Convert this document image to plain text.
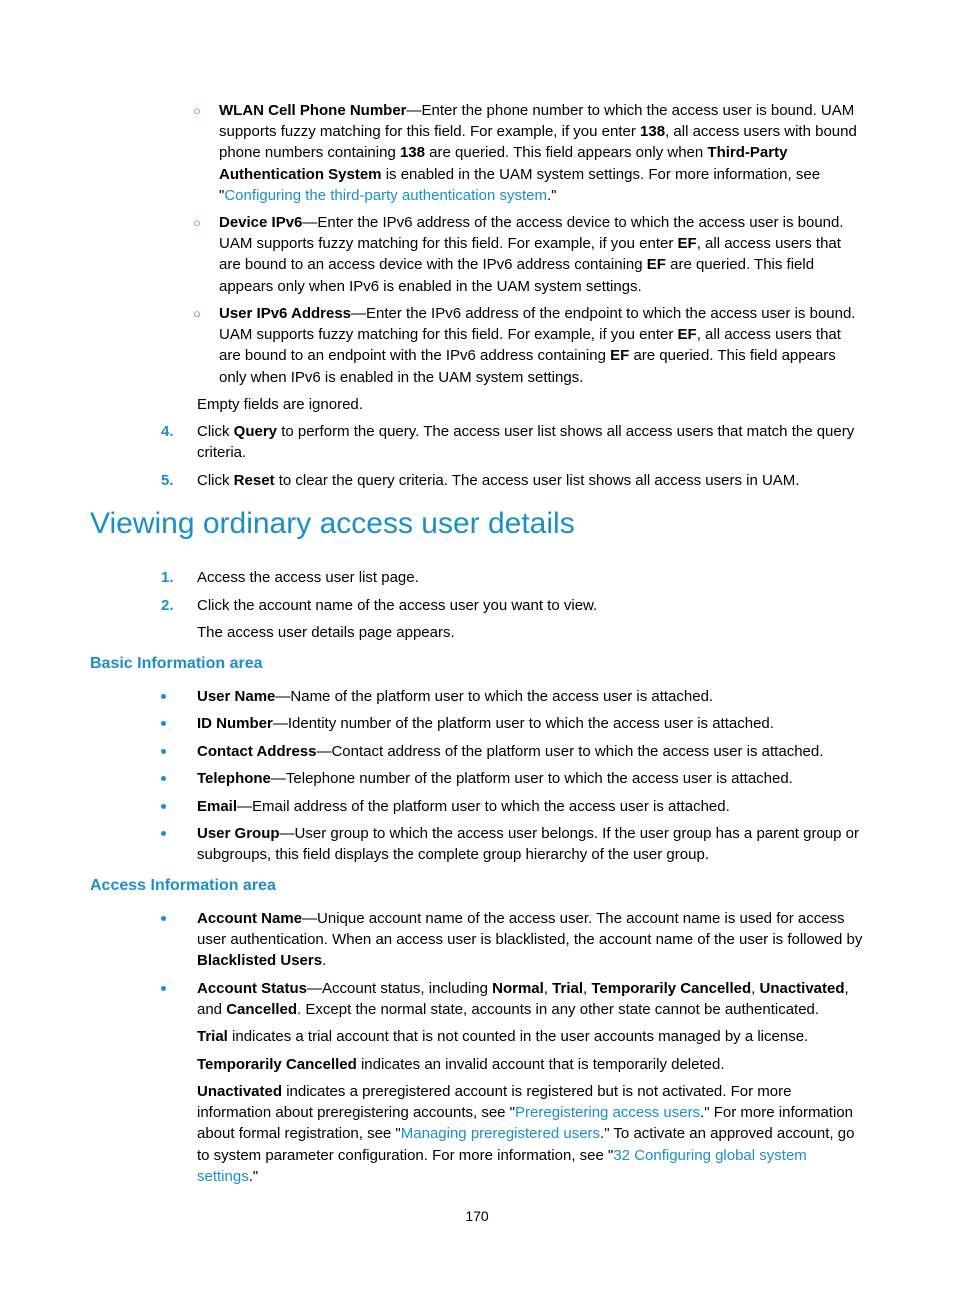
○ WLAN Cell Phone Number—Enter the phone number to which the access user is bound. UAM supports fuzzy matching for this field. For example, if you enter 138, all access users with bound phone numbers containing 138 are queried. This field appears only when Third-Party Authentication System is enabled in the UAM system settings. For more information, see "Configuring the third-party authentication system."
○ Device IPv6—Enter the IPv6 address of the access device to which the access user is bound. UAM supports fuzzy matching for this field. For example, if you enter EF, all access users that are bound to an access device with the IPv6 address containing EF are queried. This field appears only when IPv6 is enabled in the UAM system settings.
○ User IPv6 Address—Enter the IPv6 address of the endpoint to which the access user is bound. UAM supports fuzzy matching for this field. For example, if you enter EF, all access users that are bound to an endpoint with the IPv6 address containing EF are queried. This field appears only when IPv6 is enabled in the UAM system settings.
Empty fields are ignored.
4. Click Query to perform the query. The access user list shows all access users that match the query criteria.
5. Click Reset to clear the query criteria. The access user list shows all access users in UAM.
Viewing ordinary access user details
1. Access the access user list page.
2. Click the account name of the access user you want to view.
The access user details page appears.
Basic Information area
User Name—Name of the platform user to which the access user is attached.
ID Number—Identity number of the platform user to which the access user is attached.
Contact Address—Contact address of the platform user to which the access user is attached.
Telephone—Telephone number of the platform user to which the access user is attached.
Email—Email address of the platform user to which the access user is attached.
User Group—User group to which the access user belongs. If the user group has a parent group or subgroups, this field displays the complete group hierarchy of the user group.
Access Information area
Account Name—Unique account name of the access user. The account name is used for access user authentication. When an access user is blacklisted, the account name of the user is followed by Blacklisted Users.
Account Status—Account status, including Normal, Trial, Temporarily Cancelled, Unactivated, and Cancelled. Except the normal state, accounts in any other state cannot be authenticated.
Trial indicates a trial account that is not counted in the user accounts managed by a license.
Temporarily Cancelled indicates an invalid account that is temporarily deleted.
Unactivated indicates a preregistered account is registered but is not activated. For more information about preregistering accounts, see "Preregistering access users." For more information about formal registration, see "Managing preregistered users." To activate an approved account, go to system parameter configuration. For more information, see "32 Configuring global system settings."
170
